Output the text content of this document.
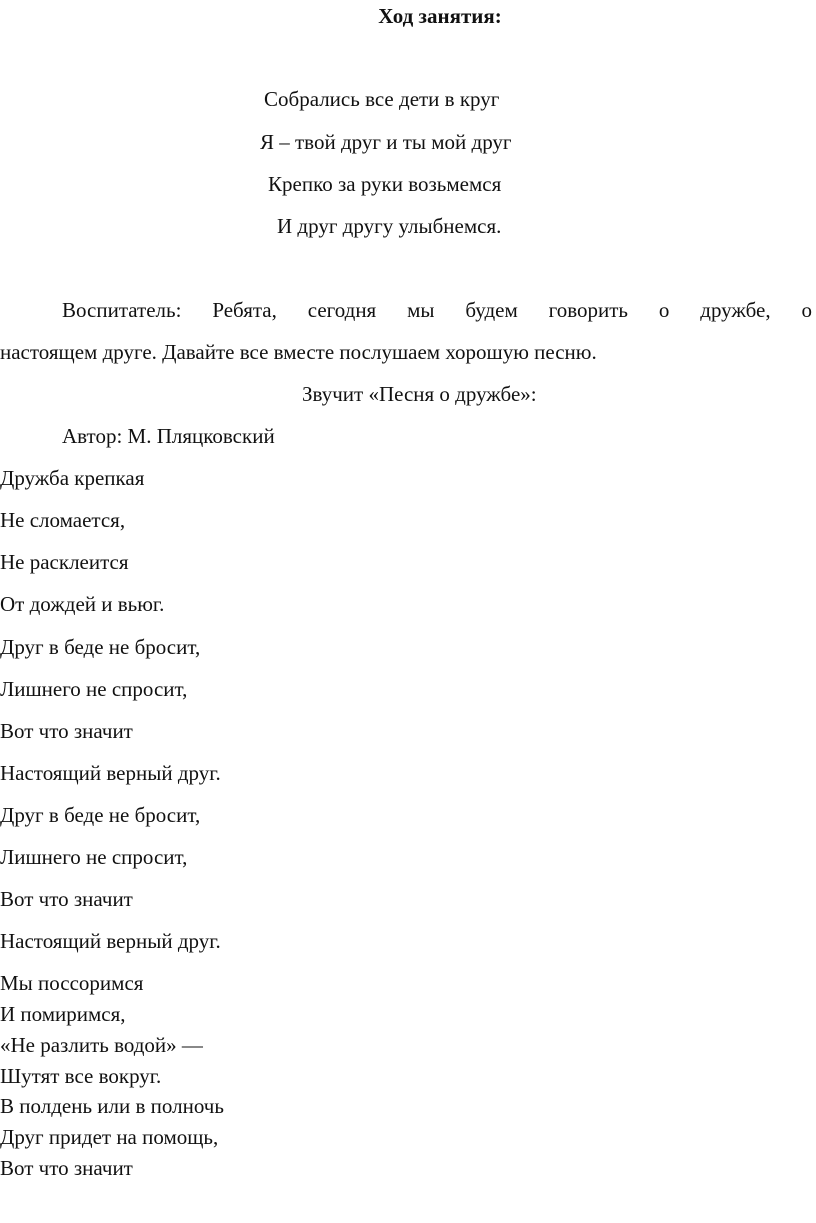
Ход занятия:

Собрались все дети в круг

Я – твой друг и ты мой друг

Крепко за руки возьмемся

И друг другу улыбнемся.

Воспитатель: Ребята, сегодня мы будем говорить о дружбе, о

настоящем друге. Давайте все вместе послушаем хорошую песню.

Звучит «Песня о дружбе»:

Автор: М. Пляцковский

Дружба крепкая

Не сломается,

Не расклеится

От дождей и вьюг.

Друг в беде не бросит,

Лишнего не спросит,

Вот что значит

Настоящий верный друг.

Друг в беде не бросит,

Лишнего не спросит,

Вот что значит

Настоящий верный друг.

Мы поссоримся

И помиримся,

«Не разлить водой» —

Шутят все вокруг.

В полдень или в полночь

Друг придет на помощь,

Вот что значит
